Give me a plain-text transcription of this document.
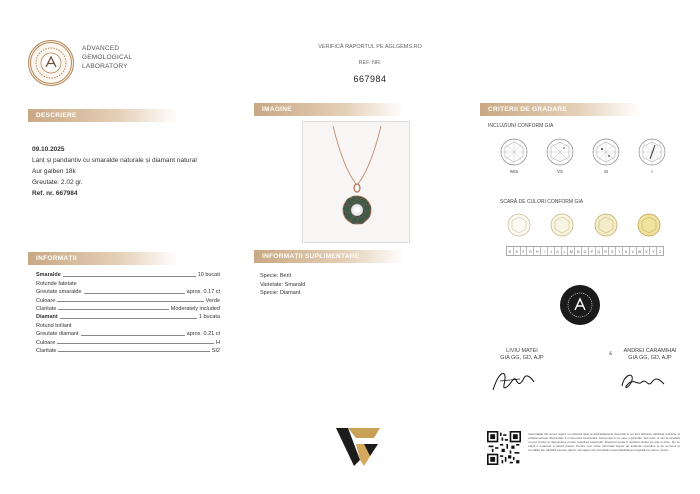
ADVANCED
GEMOLOGICAL
LABORATORY
VERIFICĂ RAPORTUL PE AGLGEMS.RO
REF. NR.
667984
DESCRIERE
IMAGINE	CRITERII DE GRADARE
INFORMAȚII	INFORMAȚII SUPLIMENTARE
09.10.2025
Lanț și pandantiv cu smaralde naturale și diamant natural
Aur galben 18k
Greutate: 2.02 gr.
Ref. nr. 667984
Smaralde	10 bucati
Rotunde fatetate
Greutate smaralde	aprox. 0.17 ct
Culoare	Verde
Claritate	Moderately included
Diamant	1 bucata
Rotund briliant
Greutate diamant	aprox. 0.21 ct
Culoare	H
Claritate	SI2
Specie: Beril
Varietate: Smarald
Specie: Diamant
INCLUZIUNI CONFORM GIA
IWS	VS	SI	I
SCARĂ DE CULORI CONFORM GIA
D	E	F	G	H	I	J	K	L	M	N	O	P	Q	R	S	T	U	V	W	X	Y	Z
LIVIU MATEI
GIA GG, GD, AJP
&	ANDREI CARAMIHAI
GIA GG, GD, AJP
Informațiile din acest raport nu reflectă doar la piatra/bijuteria descrisă și au fost obținute utilizând tehnicile și echipamentele disponibile în momentul examinării. Acest raport nu este o garanție. Nici AGL și nici semnatarii nu pot fi trași la răspundere pentru folosirea raportului. Raportul poate fi verificat online pe site-ul AGL. Nu se oferă o evaluare a valorii pietrei. Pentru mai multe informații legate de acțiunile specifice și de termenii și condițiile ale utilizării acestui raport, vă rugăm să consultați responsabilitatea integrală pe site-ul nostru.
